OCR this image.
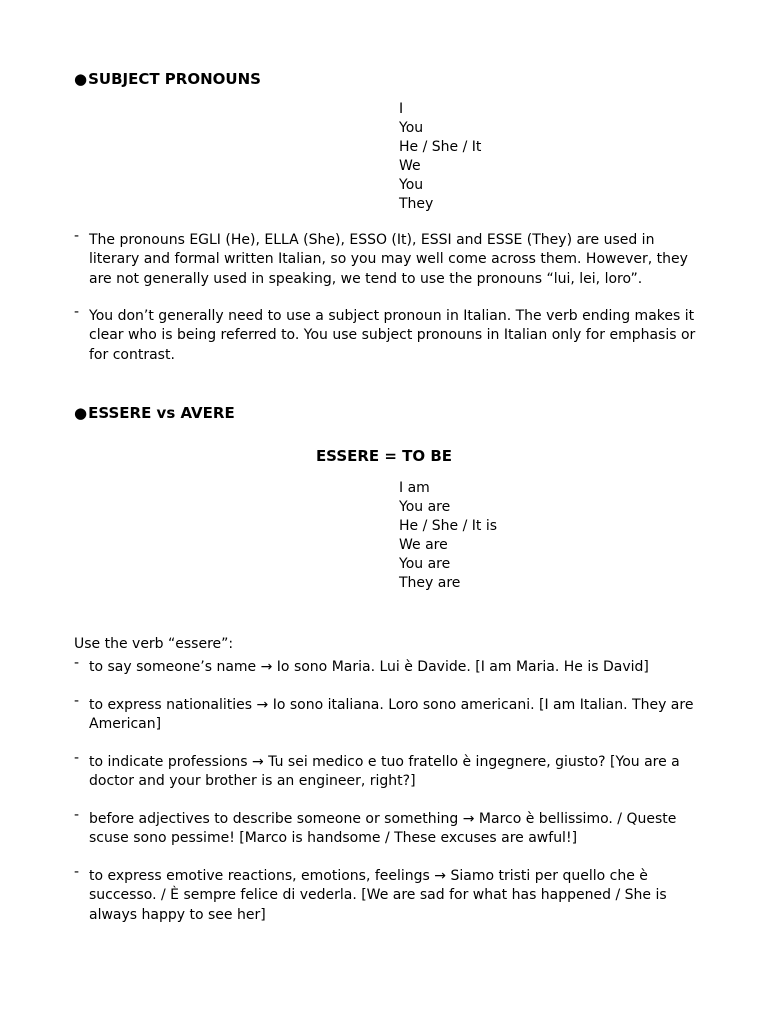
●SUBJECT PRONOUNS
I
You
He / She / It
We
You
They
- The pronouns EGLI (He), ELLA (She), ESSO (It), ESSI and ESSE (They) are used in literary and formal written Italian, so you may well come across them. However, they are not generally used in speaking, we tend to use the pronouns “lui, lei, loro”.
- You don’t generally need to use a subject pronoun in Italian. The verb ending makes it clear who is being referred to. You use subject pronouns in Italian only for emphasis or for contrast.
●ESSERE vs AVERE
ESSERE = TO BE
I am
You are
He / She / It is
We are
You are
They are
Use the verb “essere”:
- to say someone’s name → Io sono Maria. Lui è Davide. [I am Maria. He is David]
- to express nationalities → Io sono italiana. Loro sono americani. [I am Italian. They are American]
- to indicate professions → Tu sei medico e tuo fratello è ingegnere, giusto? [You are a doctor and your brother is an engineer, right?]
- before adjectives to describe someone or something → Marco è bellissimo. / Queste scuse sono pessime! [Marco is handsome / These excuses are awful!]
- to express emotive reactions, emotions, feelings → Siamo tristi per quello che è successo. / È sempre felice di vederla. [We are sad for what has happened / She is always happy to see her]
